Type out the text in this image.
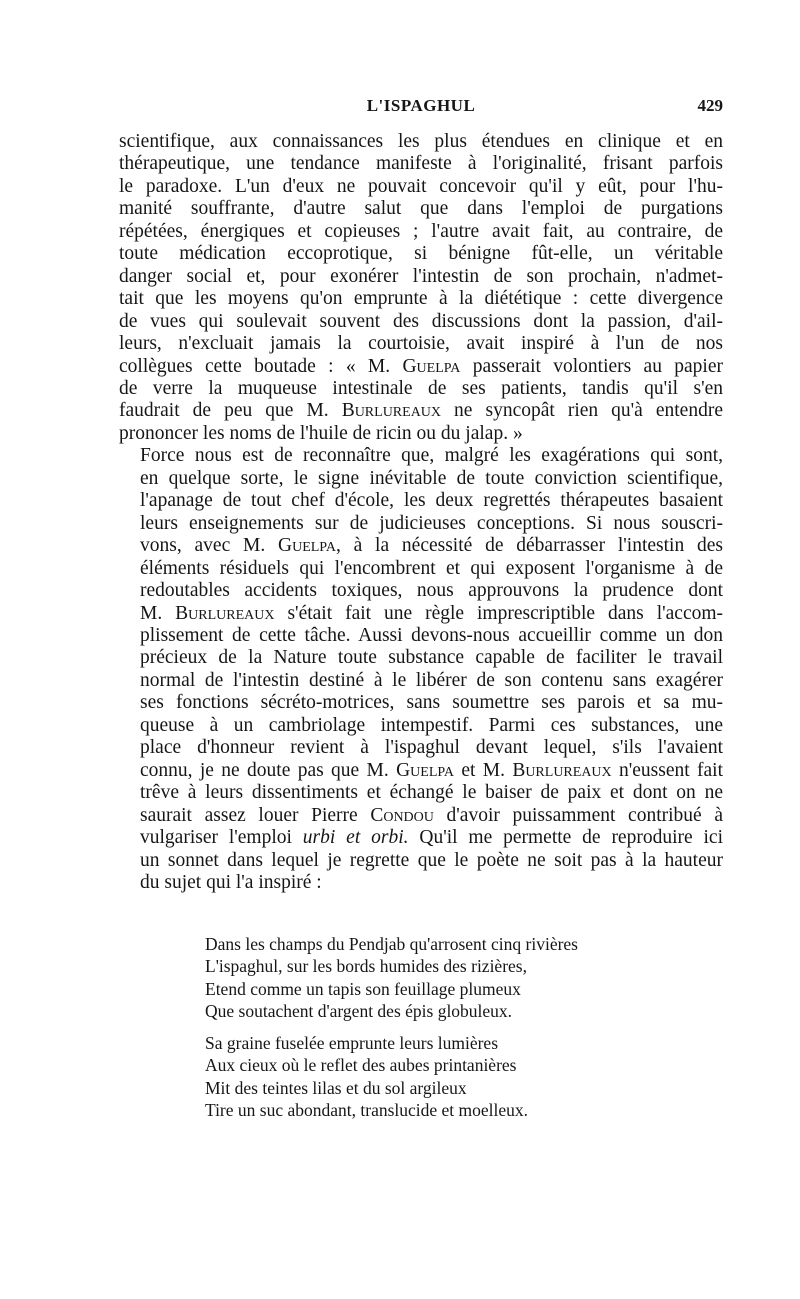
L'ISPAGHUL	429

scientifique, aux connaissances les plus étendues en clinique et en
thérapeutique, une tendance manifeste à l'originalité, frisant parfois
le paradoxe. L'un d'eux ne pouvait concevoir qu'il y eût, pour l'hu-
manité souffrante, d'autre salut que dans l'emploi de purgations
répétées, énergiques et copieuses ; l'autre avait fait, au contraire, de
toute médication eccoprotique, si bénigne fût-elle, un véritable
danger social et, pour exonérer l'intestin de son prochain, n'admet-
tait que les moyens qu'on emprunte à la diététique : cette divergence
de vues qui soulevait souvent des discussions dont la passion, d'ail-
leurs, n'excluait jamais la courtoisie, avait inspiré à l'un de nos
collègues cette boutade : « M. Guelpa passerait volontiers au papier
de verre la muqueuse intestinale de ses patients, tandis qu'il s'en
faudrait de peu que M. Burlureaux ne syncopât rien qu'à entendre
prononcer les noms de l'huile de ricin ou du jalap. »

Force nous est de reconnaître que, malgré les exagérations qui sont,
en quelque sorte, le signe inévitable de toute conviction scientifique,
l'apanage de tout chef d'école, les deux regrettés thérapeutes basaient
leurs enseignements sur de judicieuses conceptions. Si nous souscri-
vons, avec M. Guelpa, à la nécessité de débarrasser l'intestin des
éléments résiduels qui l'encombrent et qui exposent l'organisme à de
redoutables accidents toxiques, nous approuvons la prudence dont
M. Burlureaux s'était fait une règle imprescriptible dans l'accom-
plissement de cette tâche. Aussi devons-nous accueillir comme un don
précieux de la Nature toute substance capable de faciliter le travail
normal de l'intestin destiné à le libérer de son contenu sans exagérer
ses fonctions sécréto-motrices, sans soumettre ses parois et sa mu-
queuse à un cambriolage intempestif. Parmi ces substances, une
place d'honneur revient à l'ispaghul devant lequel, s'ils l'avaient
connu, je ne doute pas que M. Guelpa et M. Burlureaux n'eussent fait
trêve à leurs dissentiments et échangé le baiser de paix et dont on ne
saurait assez louer Pierre Condou d'avoir puissamment contribué à
vulgariser l'emploi urbi et orbi. Qu'il me permette de reproduire ici
un sonnet dans lequel je regrette que le poète ne soit pas à la hauteur
du sujet qui l'a inspiré :

Dans les champs du Pendjab qu'arrosent cinq rivières
L'ispaghul, sur les bords humides des rizières,
Etend comme un tapis son feuillage plumeux
Que soutachent d'argent des épis globuleux.
Sa graine fuselée emprunte leurs lumières
Aux cieux où le reflet des aubes printanières
Mit des teintes lilas et du sol argileux
Tire un suc abondant, translucide et moelleux.
